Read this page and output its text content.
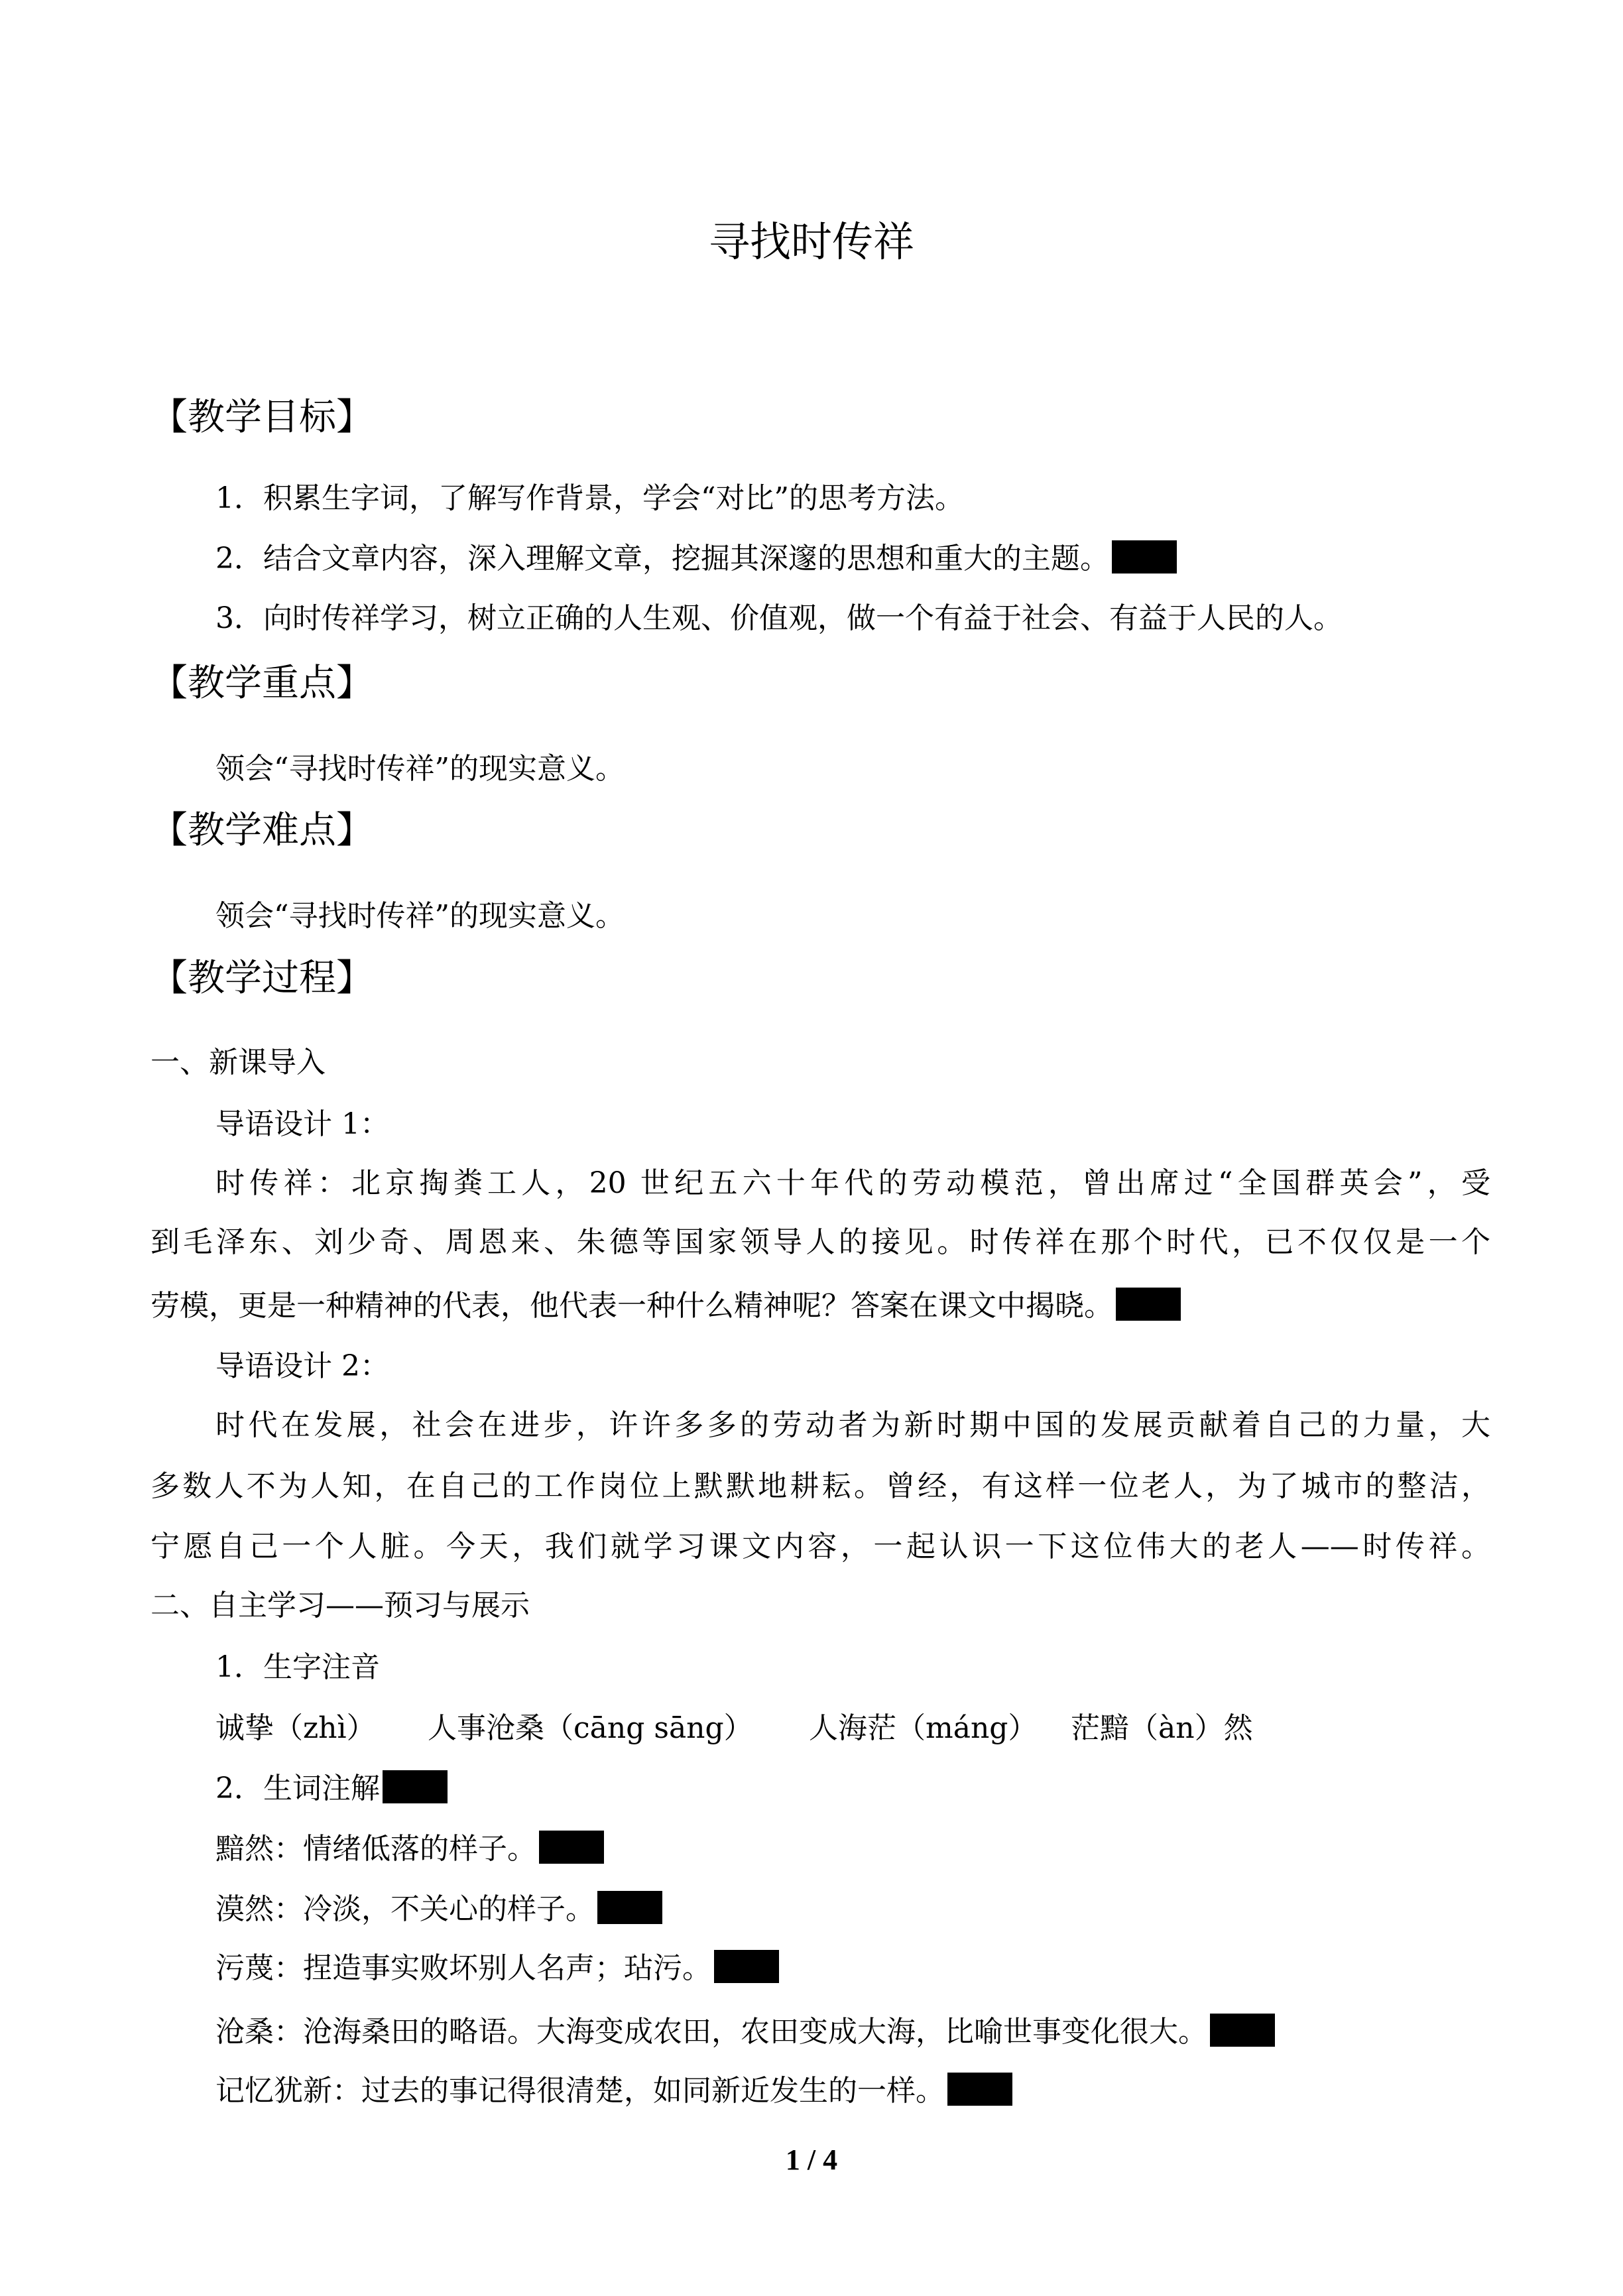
寻找时传祥
【教学目标】
1．积累生字词，了解写作背景，学会“对比”的思考方法。
2．结合文章内容，深入理解文章，挖掘其深邃的思想和重大的主题。
3．向时传祥学习，树立正确的人生观、价值观，做一个有益于社会、有益于人民的人。
【教学重点】
领会“寻找时传祥”的现实意义。
【教学难点】
领会“寻找时传祥”的现实意义。
【教学过程】
一、新课导入
导语设计 1：
时传祥：北京掏粪工人，20 世纪五六十年代的劳动模范，曾出席过“全国群英会”，受
到毛泽东、刘少奇、周恩来、朱德等国家领导人的接见。时传祥在那个时代，已不仅仅是一个
劳模，更是一种精神的代表，他代表一种什么精神呢？答案在课文中揭晓。
导语设计 2：
时代在发展，社会在进步，许许多多的劳动者为新时期中国的发展贡献着自己的力量，大
多数人不为人知，在自己的工作岗位上默默地耕耘。曾经，有这样一位老人，为了城市的整洁，
宁愿自己一个人脏。今天，我们就学习课文内容，一起认识一下这位伟大的老人——时传祥。
二、自主学习——预习与展示
1．生字注音
2．生词注解
黯然：情绪低落的样子。
漠然：冷淡，不关心的样子。
污蔑：捏造事实败坏别人名声；玷污。
沧桑：沧海桑田的略语。大海变成农田，农田变成大海，比喻世事变化很大。
记忆犹新：过去的事记得很清楚，如同新近发生的一样。
诚挚（zhì） 人事沧桑（cāng sāng） 人海茫（máng） 茫黯（àn）然
1 / 4
